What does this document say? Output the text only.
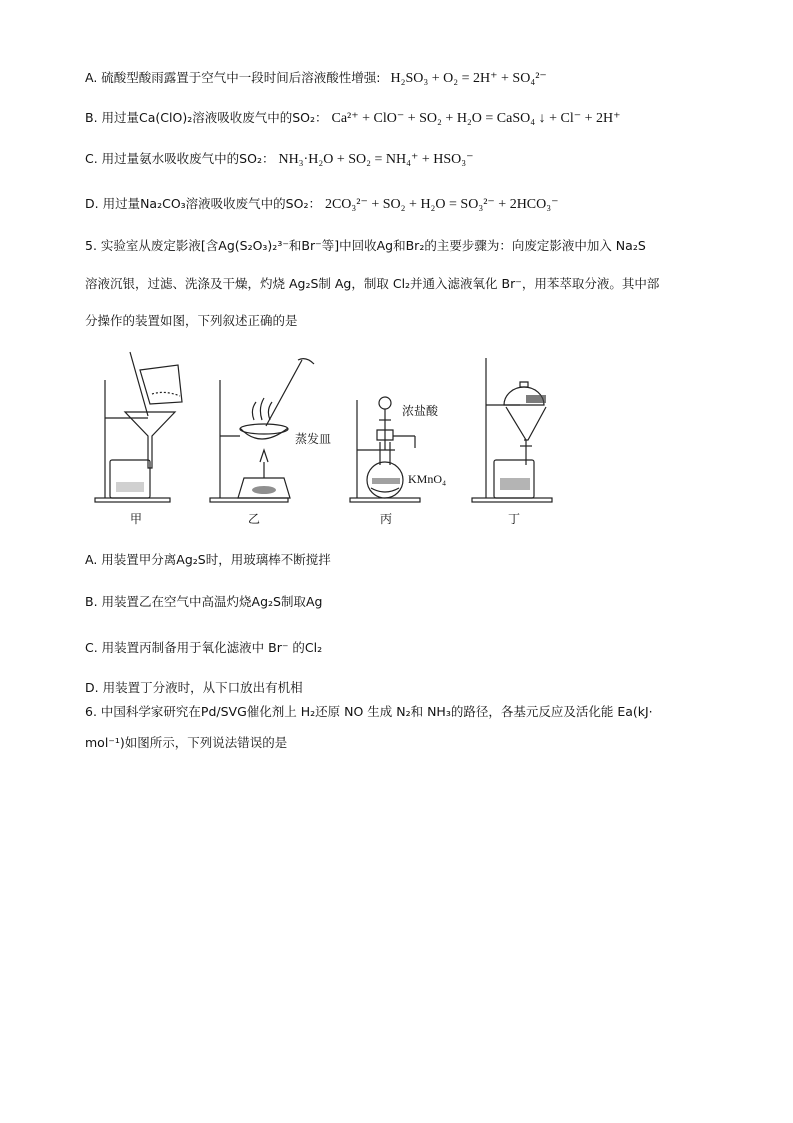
A. 硫酸型酸雨露置于空气中一段时间后溶液酸性增强: H₂SO₃ + O₂ = 2H⁺ + SO₄²⁻
B. 用过量Ca(ClO)₂溶液吸收废气中的SO₂： Ca²⁺ + ClO⁻ + SO₂ + H₂O = CaSO₄ ↓ + Cl⁻ + 2H⁺
C. 用过量氨水吸收废气中的SO₂： NH₃·H₂O + SO₂ = NH₄⁺ + HSO₃⁻
D. 用过量Na₂CO₃溶液吸收废气中的SO₂： 2CO₃²⁻ + SO₂ + H₂O = SO₃²⁻ + 2HCO₃⁻
5. 实验室从废定影液[含Ag(S₂O₃)₂³⁻和Br⁻等]中回收Ag和Br₂的主要步骤为：向废定影液中加入 Na₂S
溶液沉银，过滤、洗涤及干燥，灼烧 Ag₂S制 Ag，制取 Cl₂并通入滤液氧化 Br⁻，用苯萃取分液。其中部
分操作的装置如图，下列叙述正确的是
蒸发皿
浓盐酸
KMnO₄
甲	乙	丙	丁
A. 用装置甲分离Ag₂S时，用玻璃棒不断搅拌
B. 用装置乙在空气中高温灼烧Ag₂S制取Ag
C. 用装置丙制备用于氧化滤液中 Br⁻ 的Cl₂
D. 用装置丁分液时，从下口放出有机相
6. 中国科学家研究在Pd/SVG催化剂上 H₂还原 NO 生成 N₂和 NH₃的路径，各基元反应及活化能 Ea(kJ·
mol⁻¹)如图所示，下列说法错误的是
